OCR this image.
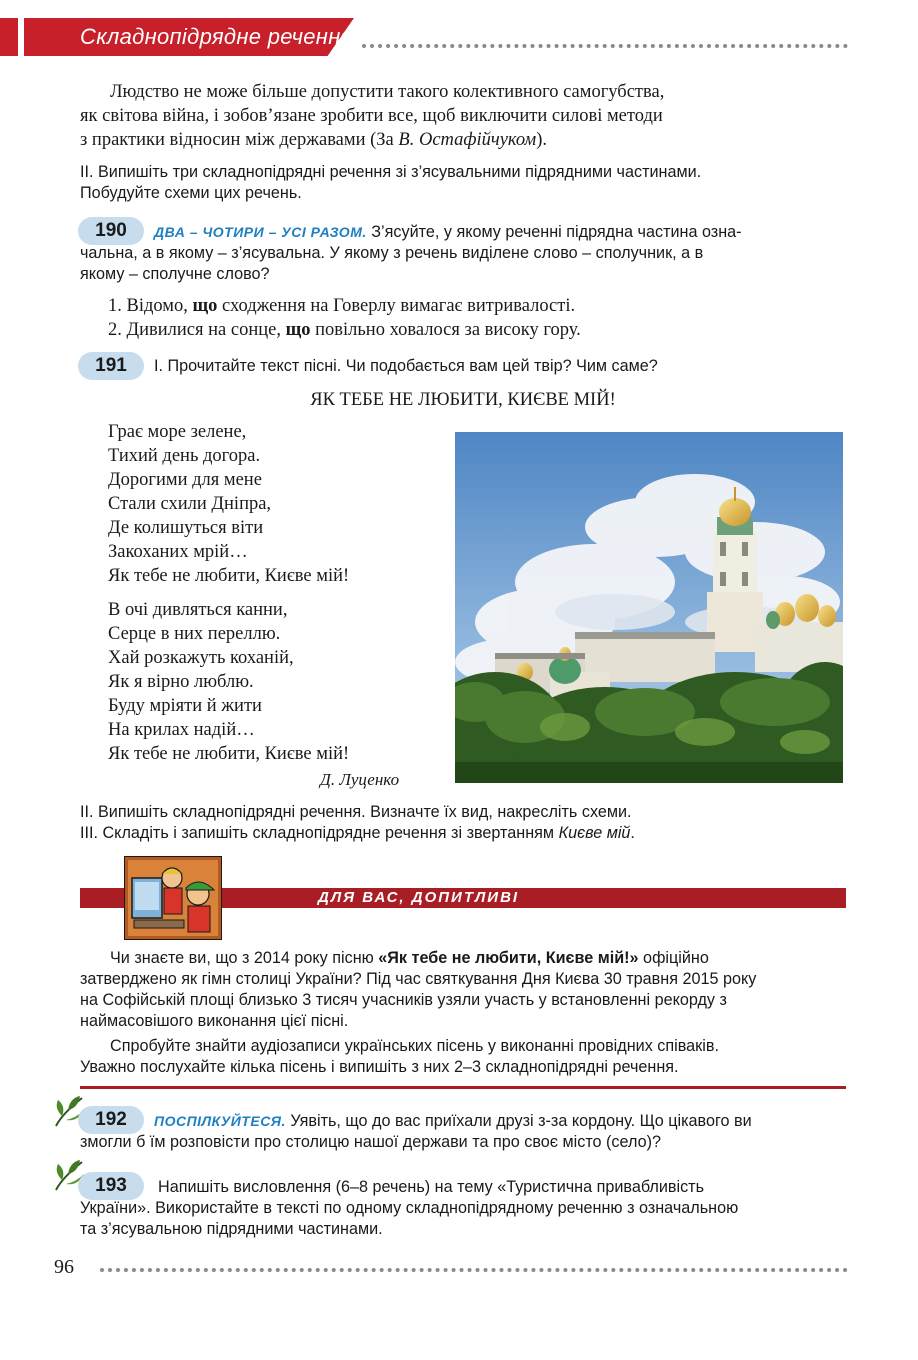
Складнопідрядне речення
Людство не може більше допустити такого колективного самогубства,
як світова війна, і зобов’язане зробити все, щоб виключити силові методи
з практики відносин між державами (За В. Остафійчуком).
ІІ. Випишіть три складнопідрядні речення зі з’ясувальними підрядними частинами.
Побудуйте схеми цих речень.
190	ДВА – ЧОТИРИ – УСІ РАЗОМ. З’ясуйте, у якому реченні підрядна частина озна-
чальна, а в якому – з’ясувальна. У якому з речень виділене слово – сполучник, а в
якому – сполучне слово?
1. Відомо, що сходження на Говерлу вимагає витривалості.
2. Дивилися на сонце, що повільно ховалося за високу гору.
191	І. Прочитайте текст пісні. Чи подобається вам цей твір? Чим саме?
ЯК ТЕБЕ НЕ ЛЮБИТИ, КИЄВЕ МІЙ!
Грає море зелене,
Тихий день догора.
Дорогими для мене
Стали схили Дніпра,
Де колишуться віти
Закоханих мрій…
Як тебе не любити, Києве мій!
В очі дивляться канни,
Серце в них переллю.
Хай розкажуть коханій,
Як я вірно люблю.
Буду мріяти й жити
На крилах надій…
Як тебе не любити, Києве мій!
Д. Луценко
ІІ. Випишіть складнопідрядні речення. Визначте їх вид, накресліть схеми.
ІІІ. Складіть і запишіть складнопідрядне речення зі звертанням Києве мій.
ДЛЯ ВАС, ДОПИТЛИВІ
Чи знаєте ви, що з 2014 року пісню «Як тебе не любити, Києве мій!» офіційно
затверджено як гімн столиці України? Під час святкування Дня Києва 30 травня 2015 року
на Софійській площі близько 3 тисяч учасників узяли участь у встановленні рекорду з
наймасовішого виконання цієї пісні.
Спробуйте знайти аудіозаписи українських пісень у виконанні провідних співаків.
Уважно послухайте кілька пісень і випишіть з них 2–3 складнопідрядні речення.
192	ПОСПІЛКУЙТЕСЯ. Уявіть, що до вас приїхали друзі з-за кордону. Що цікавого ви
змогли б їм розповісти про столицю нашої держави та про своє місто (село)?
193	Напишіть висловлення (6–8 речень) на тему «Туристична привабливість
України». Використайте в тексті по одному складнопідрядному реченню з означальною
та з’ясувальною підрядними частинами.
96
